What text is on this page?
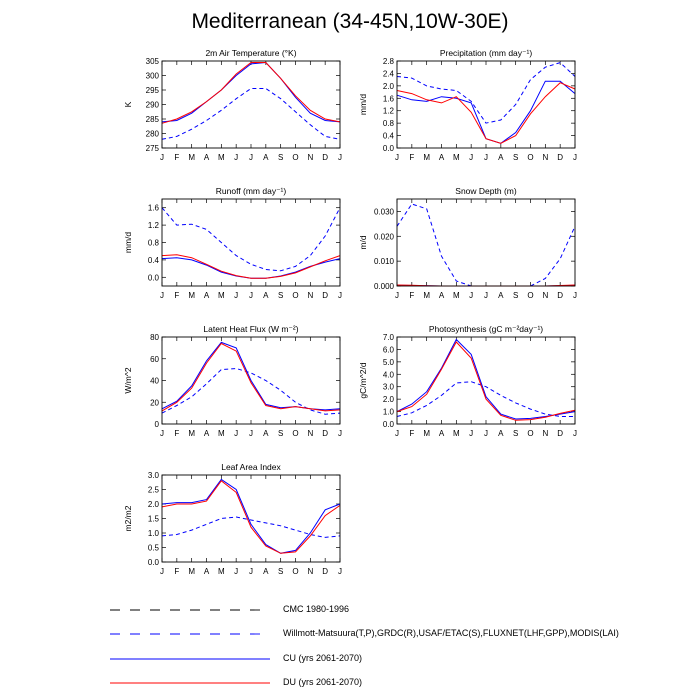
Mediterranean (34-45N,10W-30E)
2m Air Temperature (°K)
K
275
280
285
290
295
300
305
J F M A M J J A S O N D J
Precipitation (mm day⁻¹)
mm/d
0.0
0.4
0.8
1.2
1.6
2.0
2.4
2.8
J F M A M J J A S O N D J
Runoff (mm day⁻¹)
mm/d
0.0
0.4
0.8
1.2
1.6
J F M A M J J A S O N D J
Snow Depth (m)
m/d
0.000
0.010
0.020
0.030
J F M A M J J A S O N D J
Latent Heat Flux (W m⁻²)
W/m^2
0
20
40
60
80
J F M A M J J A S O N D J
Photosynthesis (gC m⁻²day⁻¹)
gC/m^2/d
0.0
1.0
2.0
3.0
4.0
5.0
6.0
7.0
J F M A M J J A S O N D J
Leaf Area Index
m2/m2
0.0
0.5
1.0
1.5
2.0
2.5
3.0
J F M A M J J A S O N D J
CMC 1980-1996
Willmott-Matsuura(T,P),GRDC(R),USAF/ETAC(S),FLUXNET(LHF,GPP),MODIS(LAI)
CU (yrs 2061-2070)
DU (yrs 2061-2070)
